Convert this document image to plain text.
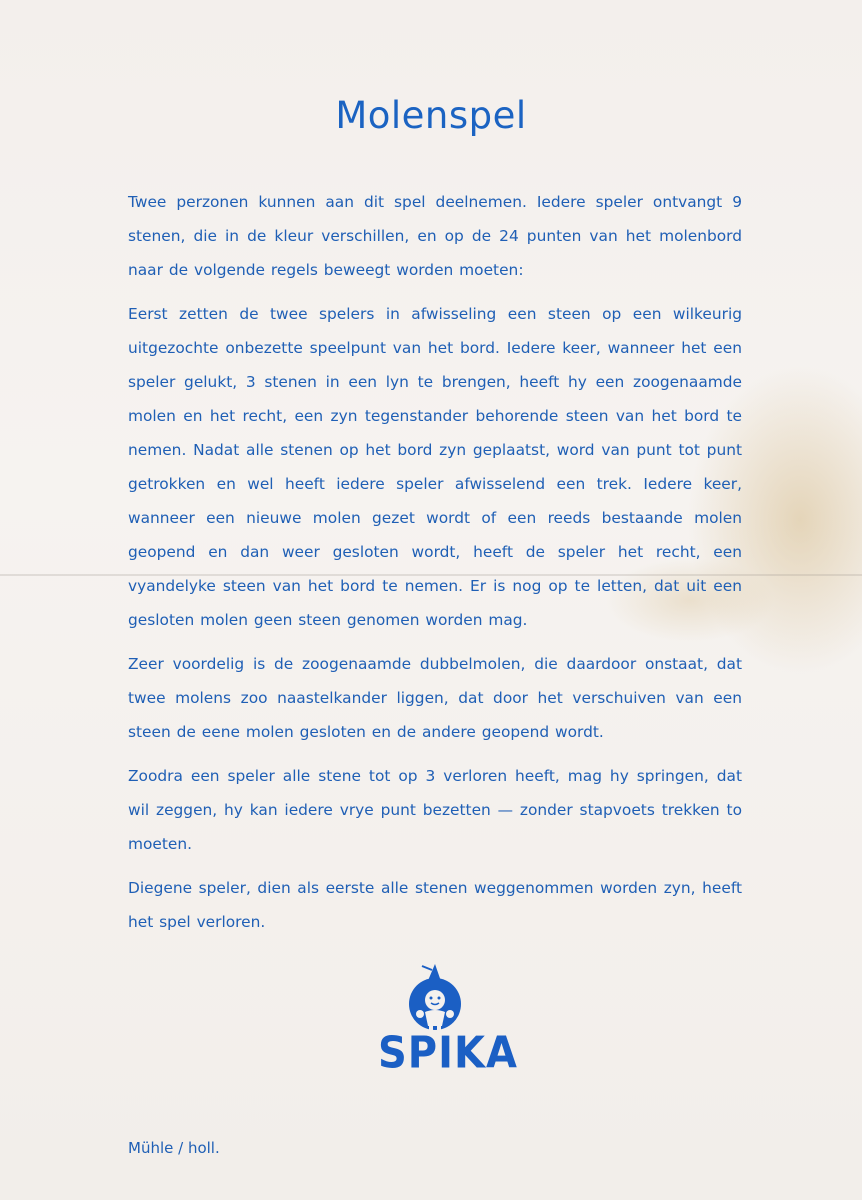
Molenspel

Twee perzonen kunnen aan dit spel deelnemen. Iedere speler ontvangt 9 stenen, die in de kleur verschillen, en op de 24 punten van het molenbord naar de volgende regels beweegt worden moeten:

Eerst zetten de twee spelers in afwisseling een steen op een wilkeurig uitgezochte onbezette speelpunt van het bord. Iedere keer, wanneer het een speler gelukt, 3 stenen in een lyn te brengen, heeft hy een zoogenaamde molen en het recht, een zyn tegenstander behorende steen van het bord te nemen. Nadat alle stenen op het bord zyn geplaatst, word van punt tot punt getrokken en wel heeft iedere speler afwisselend een trek. Iedere keer, wanneer een nieuwe molen gezet wordt of een reeds bestaande molen geopend en dan weer gesloten wordt, heeft de speler het recht, een vyandelyke steen van het bord te nemen. Er is nog op te letten, dat uit een gesloten molen geen steen genomen worden mag.

Zeer voordelig is de zoogenaamde dubbelmolen, die daardoor onstaat, dat twee molens zoo naastelkander liggen, dat door het verschuiven van een steen de eene molen gesloten en de andere geopend wordt.

Zoodra een speler alle stene tot op 3 verloren heeft, mag hy springen, dat wil zeggen, hy kan iedere vrye punt bezetten — zonder stapvoets trekken to moeten.

Diegene speler, dien als eerste alle stenen weggenommen worden zyn, heeft het spel verloren.

SPIKA
Mühle / holl.
